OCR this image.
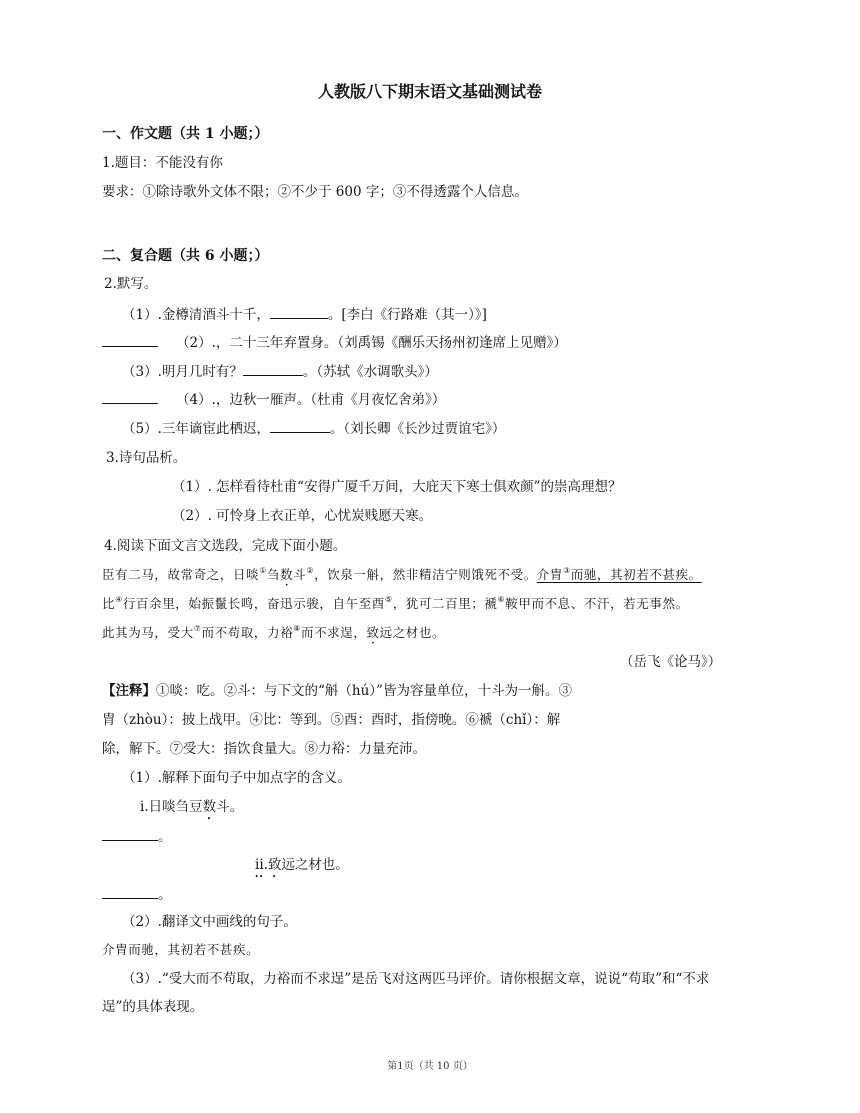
人教版八下期末语文基础测试卷
一、作文题（共 1 小题；）
1.题目：不能没有你
要求：①除诗歌外文体不限；②不少于 600 字；③不得透露个人信息。
二、复合题（共 6 小题；）
2.默写。
（1）.金樽清酒斗十千，	。[李白《行路难（其一）》]
（2）.，二十三年弃置身。（刘禹锡《酬乐天扬州初逢席上见赠》）
（3）.明月几时有？	。（苏轼《水调歌头》）
（4）.，边秋一雁声。（杜甫《月夜忆舍弟》）
（5）.三年谪宦此栖迟，	。（刘长卿《长沙过贾谊宅》）
3.诗句品析。
（1）. 怎样看待杜甫“安得广厦千万间，大庇天下寒士俱欢颜”的崇高理想？
（2）. 可怜身上衣正单，心忧炭贱愿天寒。
4.阅读下面文言文选段，完成下面小题。
臣有二马，故常奇之，日啖①刍数斗②，饮泉一斛，然非精洁宁则饿死不受。介胄③而驰，其初若不甚疾。
比④行百余里，始振鬣长鸣，奋迅示骏，自午至酉⑤，犹可二百里；褫⑥鞍甲而不息、不汗，若无事然。
此其为马，受大⑦而不苟取，力裕⑧而不求逞，致远之材也。
（岳飞《论马》）
【注释】①啖：吃。②斗：与下文的“斛（hú）”皆为容量单位，十斗为一斛。③
胄（zhòu）：披上战甲。④比：等到。⑤酉：酉时，指傍晚。⑥褫（chǐ）：解
除，解下。⑦受大：指饮食量大。⑧力裕：力量充沛。
（1）.解释下面句子中加点字的含义。
i.日啖刍豆数斗。
。
ii.致远之材也。
。
（2）.翻译文中画线的句子。
介胄而驰，其初若不甚疾。
（3）.“受大而不苟取，力裕而不求逞”是岳飞对这两匹马评价。请你根据文章，说说“苟取”和“不求
逞”的具体表现。
第1页（共 10 页）
